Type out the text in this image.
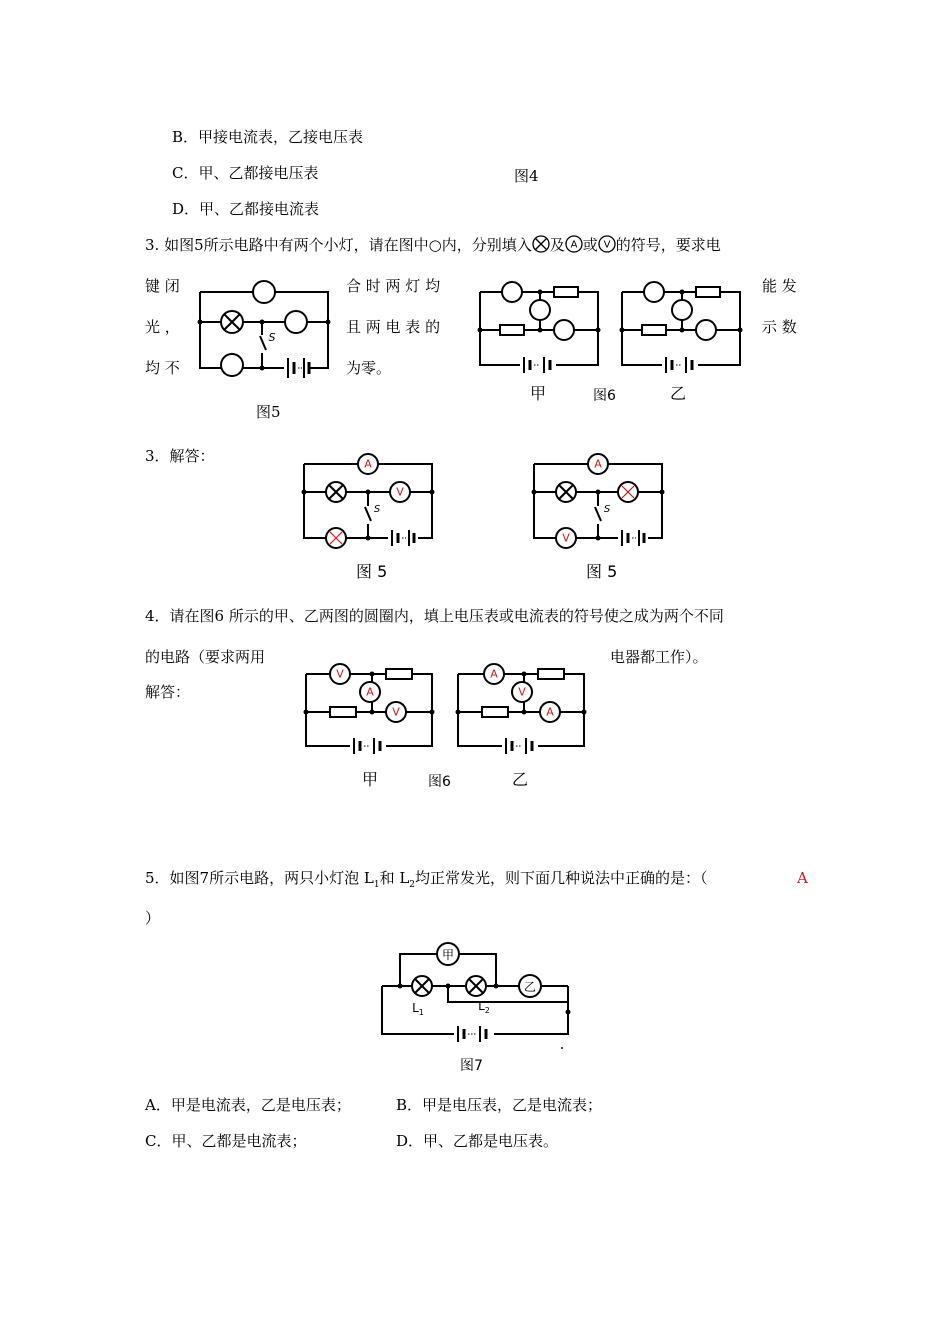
B．甲接电流表，乙接电压表
C．甲、乙都接电压表	图4
D．甲、乙都接电流表
3. 如图5所示电路中有两个小灯，请在图中○内，分别填入 及 A 或 V 的符号，要求电
键 闭	合 时 两 灯 均	能 发
光 ，	且 两 电 表 的	示 数
均 不	为零。
S
图5
甲	图6	乙
3．解答：	A
V
S
图 5
A
V
S
图 5
4．请在图6 所示的甲、乙两图的圆圈内，填上电压表或电流表的符号使之成为两个不同
的电路（要求两用	电器都工作）。
解答：
V
A
V
A
V
A
甲	图6	乙
5．如图7所示电路，两只小灯泡 $L_1$和 $L_2$均正常发光，则下面几种说法中正确的是：（	A
）
甲
乙
$L_1$	$L_2$
图7
A．甲是电流表，乙是电压表；	B．甲是电压表，乙是电流表；
C．甲、乙都是电流表；	D．甲、乙都是电压表。
